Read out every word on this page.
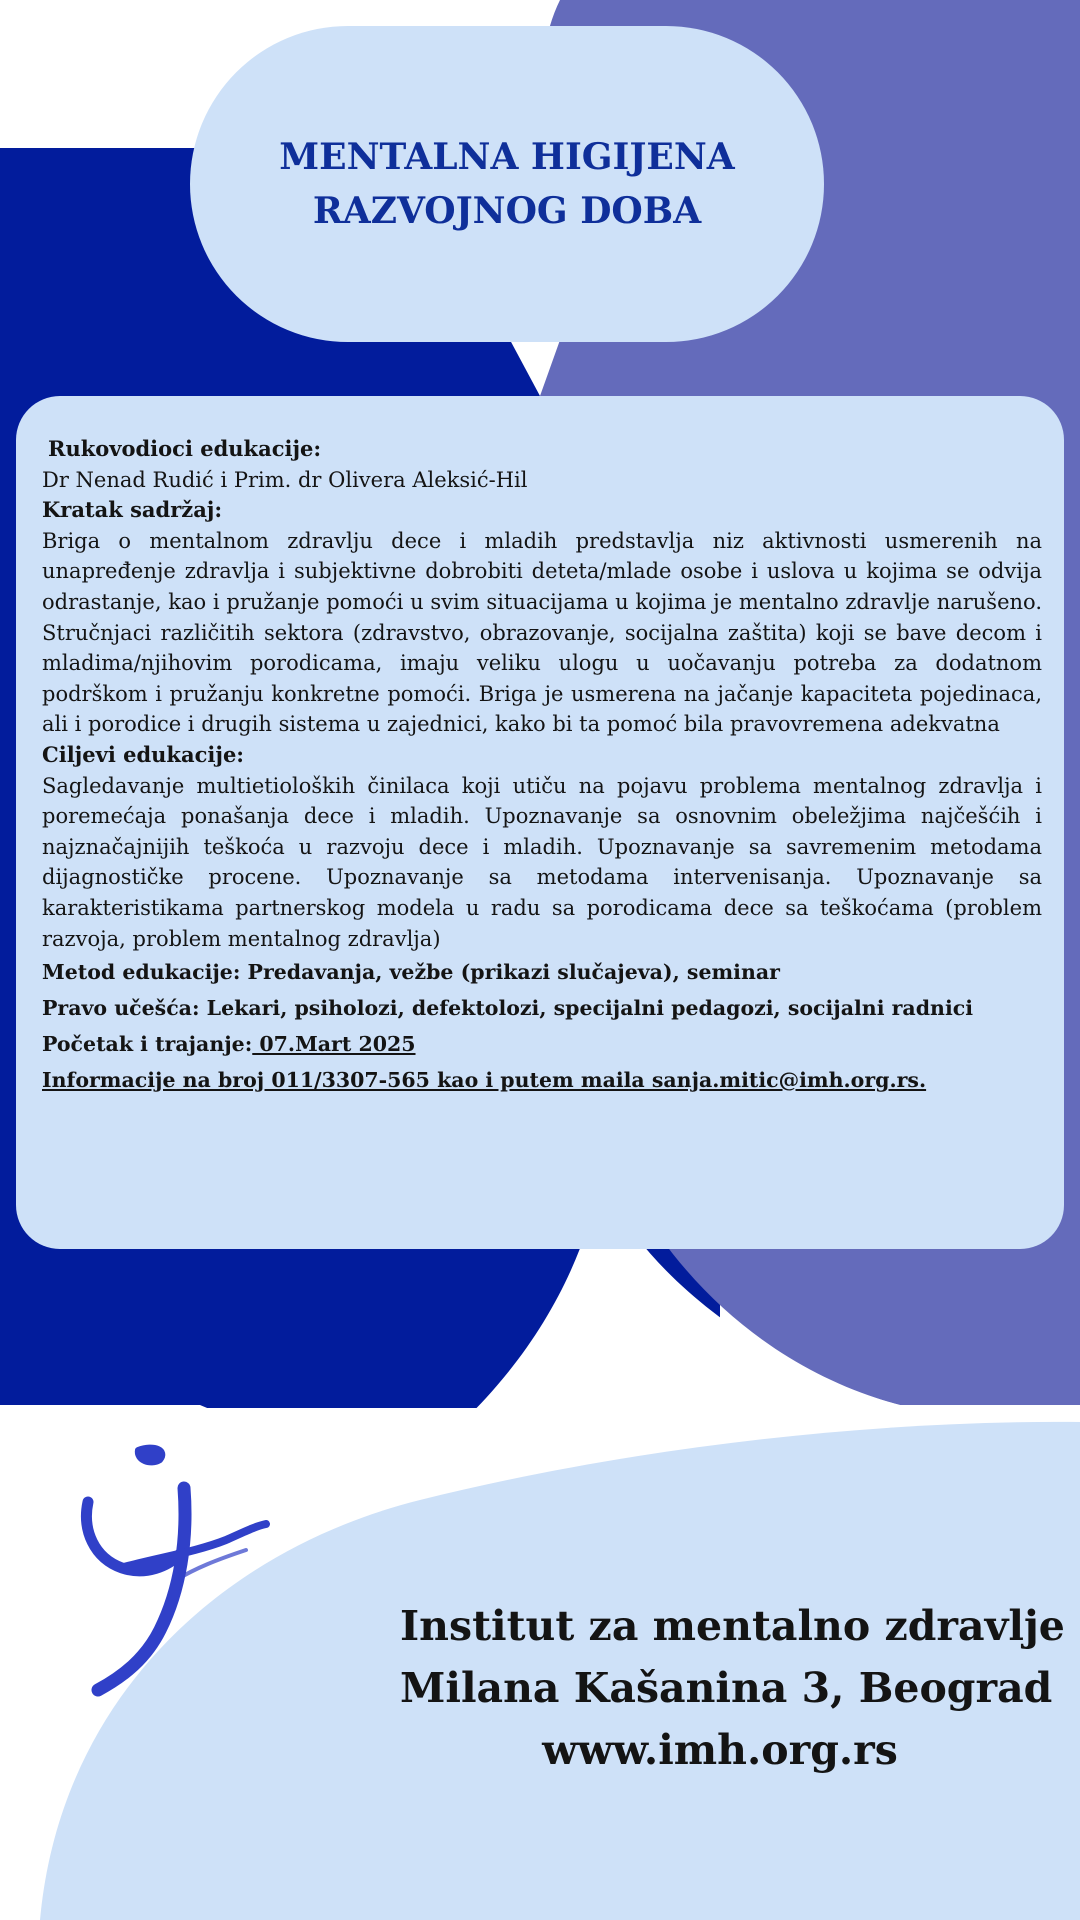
MENTALNA HIGIJENA
RAZVOJNOG DOBA

Rukovodioci edukacije:

Dr Nenad Rudić i Prim. dr Olivera Aleksić-Hil

Kratak sadržaj:

Briga o mentalnom zdravlju dece i mladih predstavlja niz aktivnosti usmerenih na unapređenje zdravlja i subjektivne dobrobiti deteta/mlade osobe i uslova u kojima se odvija odrastanje, kao i pružanje pomoći u svim situacijama u kojima je mentalno zdravlje narušeno. Stručnjaci različitih sektora (zdravstvo, obrazovanje, socijalna zaštita) koji se bave decom i mladima/njihovim porodicama, imaju veliku ulogu u uočavanju potreba za dodatnom podrškom i pružanju konkretne pomoći. Briga je usmerena na jačanje kapaciteta pojedinaca, ali i porodice i drugih sistema u zajednici, kako bi ta pomoć bila pravovremena adekvatna

Ciljevi edukacije:

Sagledavanje multietioloških činilaca koji utiču na pojavu problema mentalnog zdravlja i poremećaja ponašanja dece i mladih. Upoznavanje sa osnovnim obeležjima najčešćih i najznačajnijih teškoća u razvoju dece i mladih. Upoznavanje sa savremenim metodama dijagnostičke procene. Upoznavanje sa metodama intervenisanja. Upoznavanje sa karakteristikama partnerskog modela u radu sa porodicama dece sa teškoćama (problem razvoja, problem mentalnog zdravlja)

Metod edukacije: Predavanja, vežbe (prikazi slučajeva), seminar

Pravo učešća: Lekari, psiholozi, defektolozi, specijalni pedagozi, socijalni radnici

Početak i trajanje: 07.Mart 2025

Informacije na broj 011/3307-565 kao i putem maila sanja.mitic@imh.org.rs.

Institut za mentalno zdravlje
Milana Kašanina 3, Beograd
www.imh.org.rs
